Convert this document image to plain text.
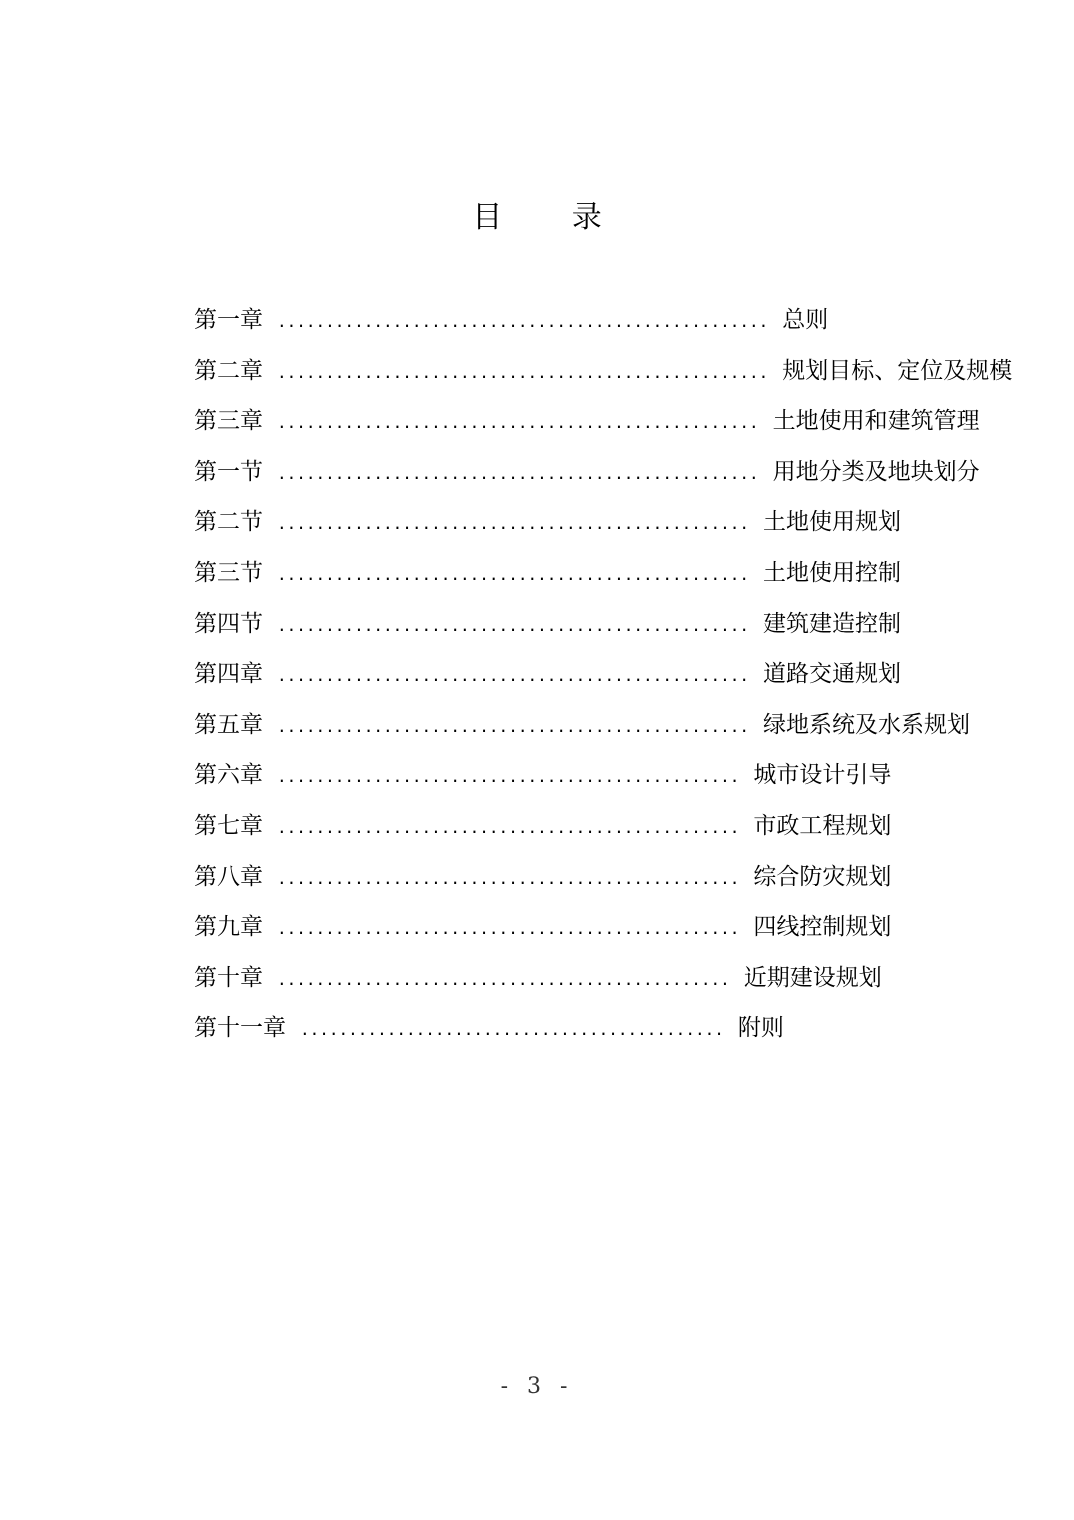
目 录
第一章 ................................................... 总则
第二章 ................................................... 规划目标、定位及规模
第三章 .................................................. 土地使用和建筑管理
第一节 .................................................. 用地分类及地块划分
第二节 ................................................. 土地使用规划
第三节 ................................................. 土地使用控制
第四节 ................................................. 建筑建造控制
第四章 ................................................. 道路交通规划
第五章 ................................................. 绿地系统及水系规划
第六章 ................................................ 城市设计引导
第七章 ................................................ 市政工程规划
第八章 ................................................ 综合防灾规划
第九章 ................................................ 四线控制规划
第十章 ............................................... 近期建设规划
第十一章 ............................................ 附则
- 3 -
